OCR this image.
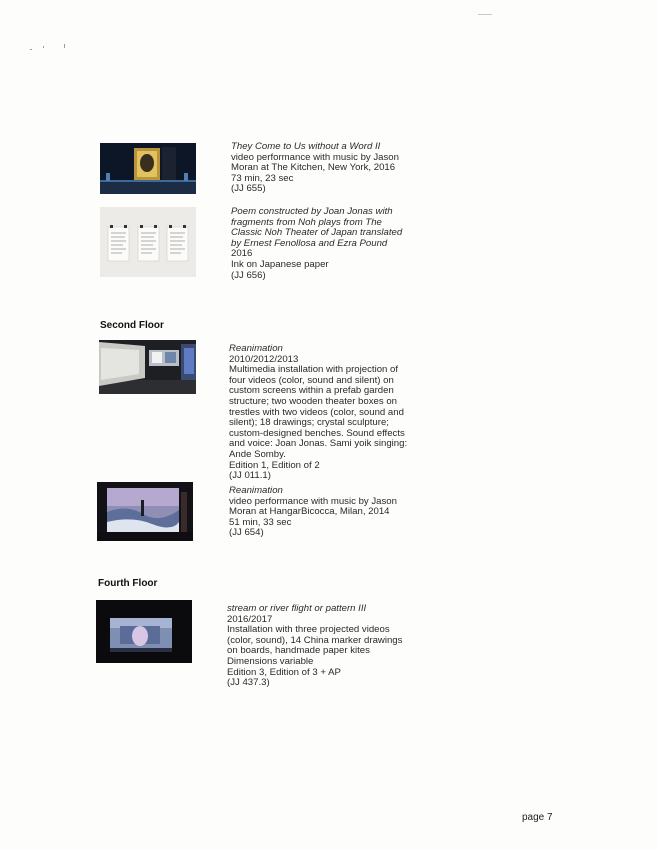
They Come to Us without a Word II
video performance with music by Jason
Moran at The Kitchen, New York, 2016
73 min, 23 sec
(JJ 655)
Poem constructed by Joan Jonas with
fragments from Noh plays from The
Classic Noh Theater of Japan translated
by Ernest Fenollosa and Ezra Pound
2016
Ink on Japanese paper
(JJ 656)
Second Floor
Reanimation
2010/2012/2013
Multimedia installation with projection of
four videos (color, sound and silent) on
custom screens within a prefab garden
structure; two wooden theater boxes on
trestles with two videos (color, sound and
silent); 18 drawings; crystal sculpture;
custom-designed benches. Sound effects
and voice: Joan Jonas. Sami yoik singing:
Ande Somby.
Edition 1, Edition of 2
(JJ 011.1)
Reanimation
video performance with music by Jason
Moran at HangarBicocca, Milan, 2014
51 min, 33 sec
(JJ 654)
Fourth Floor
stream or river flight or pattern III
2016/2017
Installation with three projected videos
(color, sound), 14 China marker drawings
on boards, handmade paper kites
Dimensions variable
Edition 3, Edition of 3 + AP
(JJ 437.3)
page 7
